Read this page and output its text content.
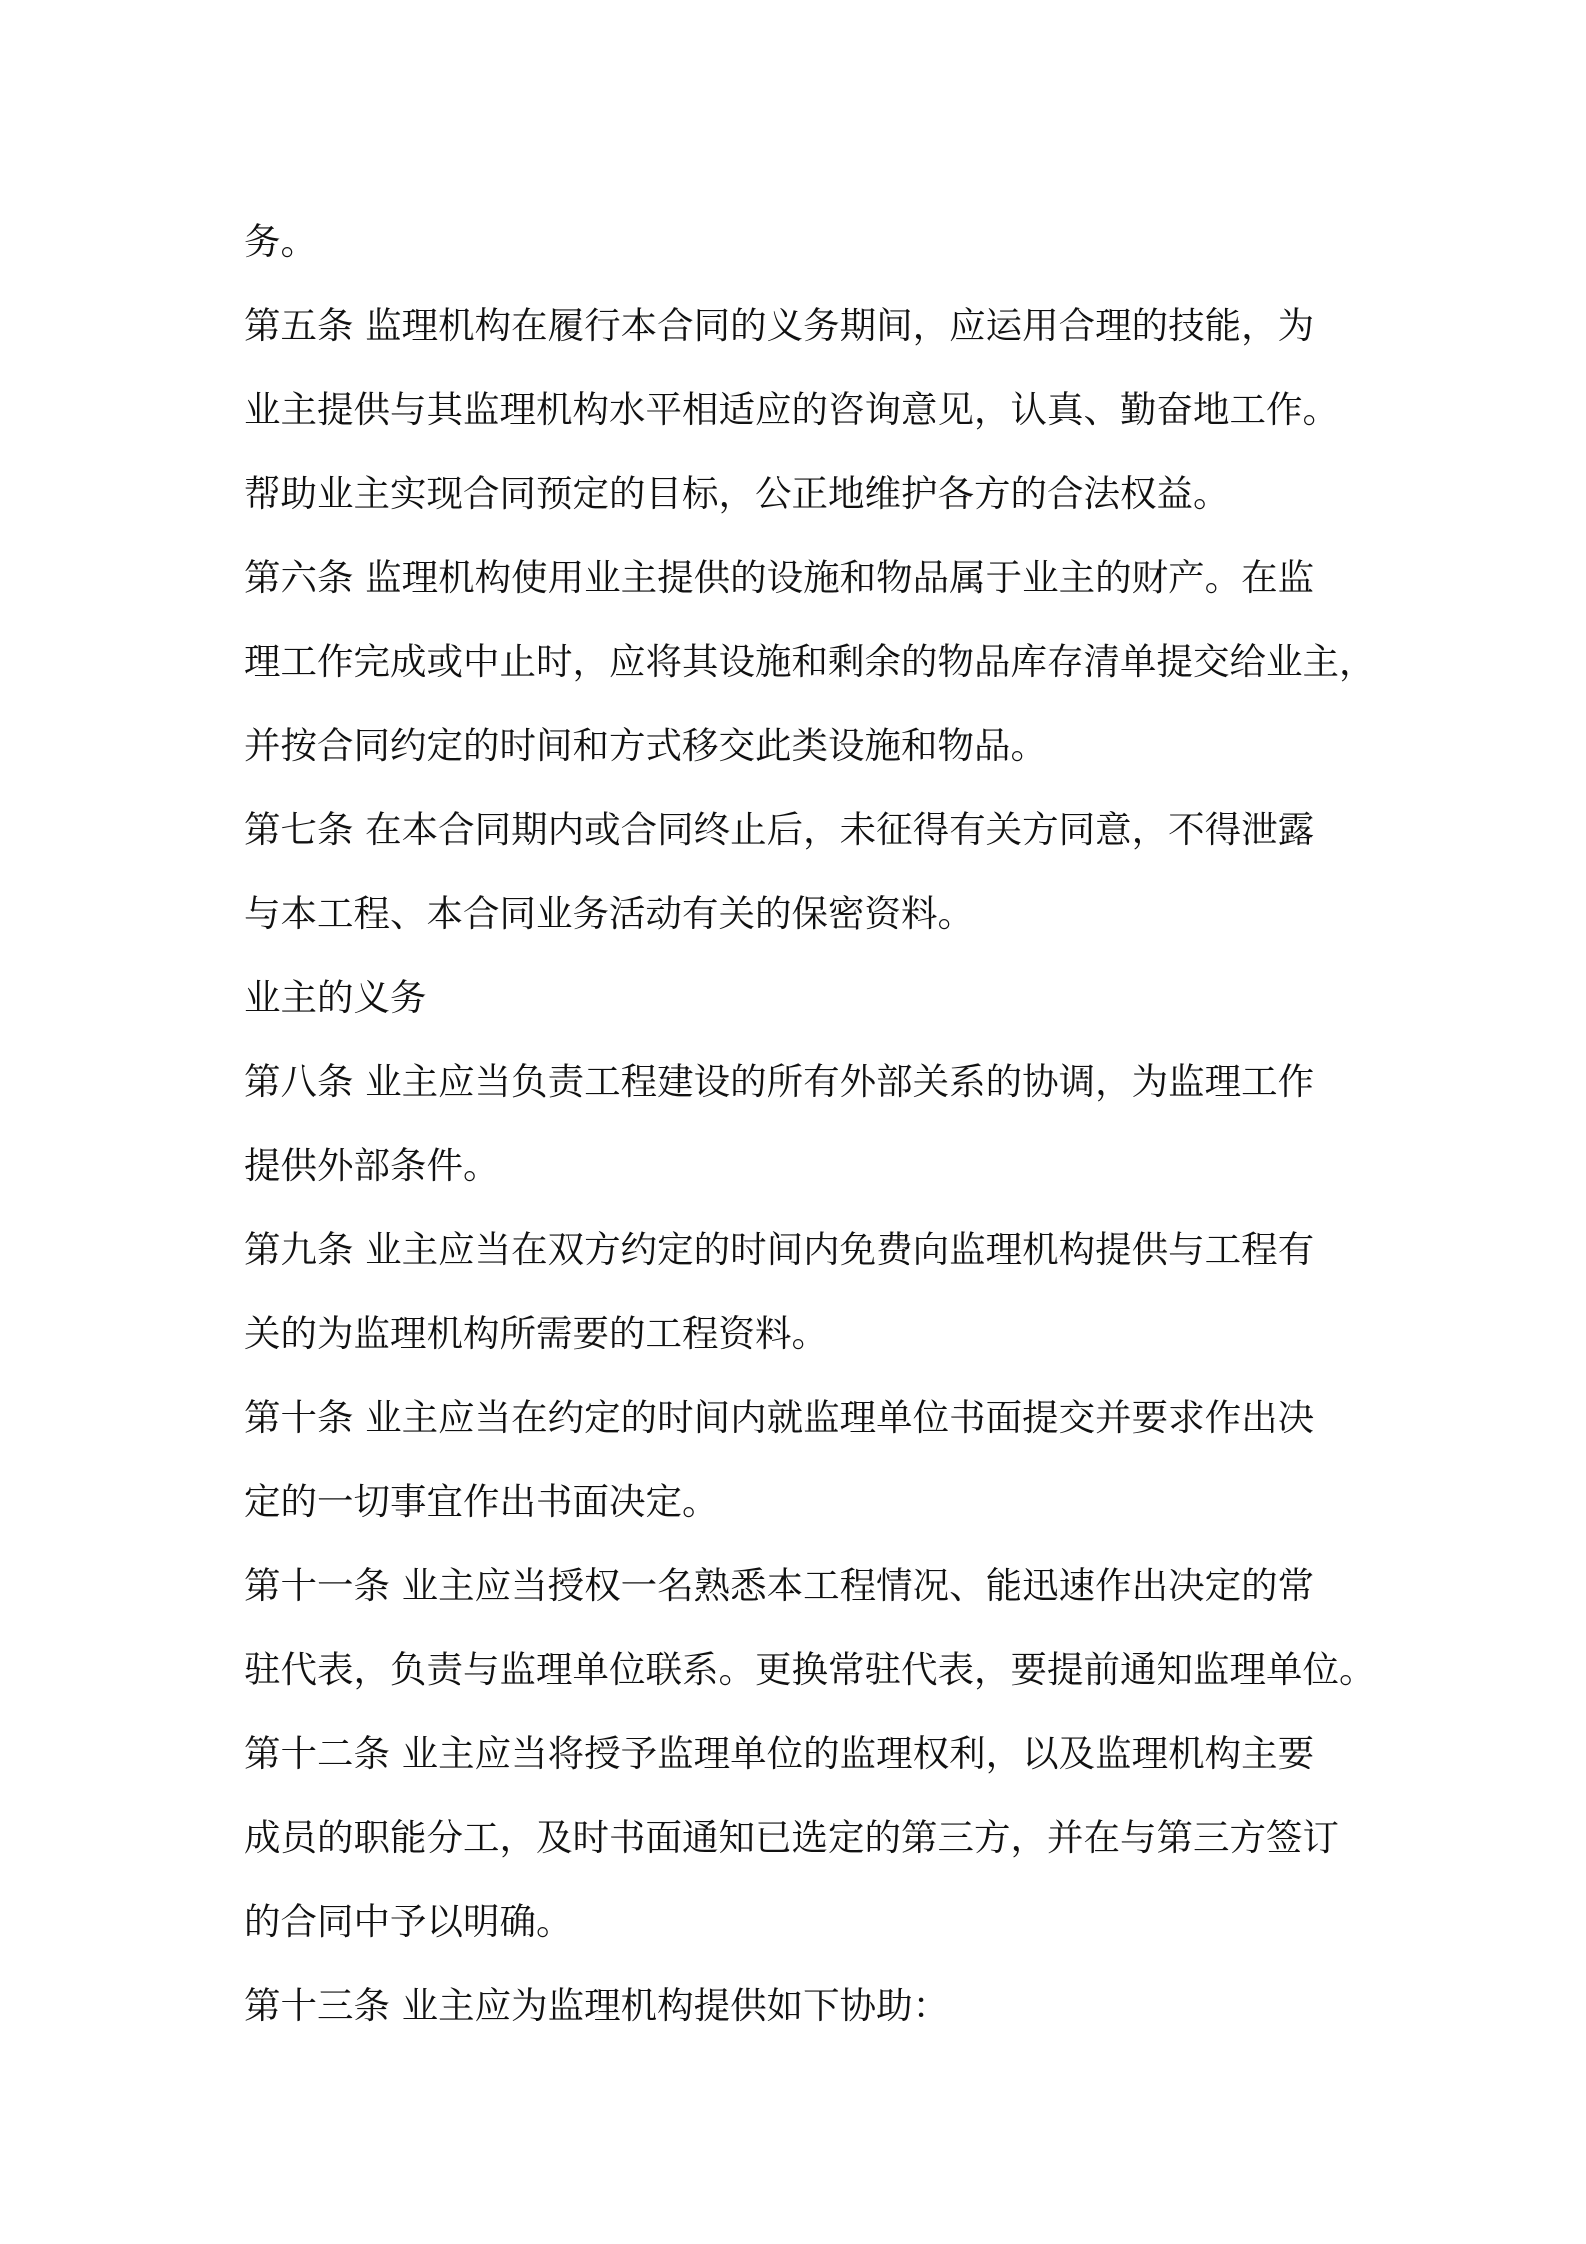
务。
第五条 监理机构在履行本合同的义务期间，应运用合理的技能，为
业主提供与其监理机构水平相适应的咨询意见，认真、勤奋地工作。
帮助业主实现合同预定的目标，公正地维护各方的合法权益。
第六条 监理机构使用业主提供的设施和物品属于业主的财产。在监
理工作完成或中止时，应将其设施和剩余的物品库存清单提交给业主，
并按合同约定的时间和方式移交此类设施和物品。
第七条 在本合同期内或合同终止后，未征得有关方同意，不得泄露
与本工程、本合同业务活动有关的保密资料。
业主的义务
第八条 业主应当负责工程建设的所有外部关系的协调，为监理工作
提供外部条件。
第九条 业主应当在双方约定的时间内免费向监理机构提供与工程有
关的为监理机构所需要的工程资料。
第十条 业主应当在约定的时间内就监理单位书面提交并要求作出决
定的一切事宜作出书面决定。
第十一条 业主应当授权一名熟悉本工程情况、能迅速作出决定的常
驻代表，负责与监理单位联系。更换常驻代表，要提前通知监理单位。
第十二条 业主应当将授予监理单位的监理权利，以及监理机构主要
成员的职能分工，及时书面通知已选定的第三方，并在与第三方签订
的合同中予以明确。
第十三条 业主应为监理机构提供如下协助：
